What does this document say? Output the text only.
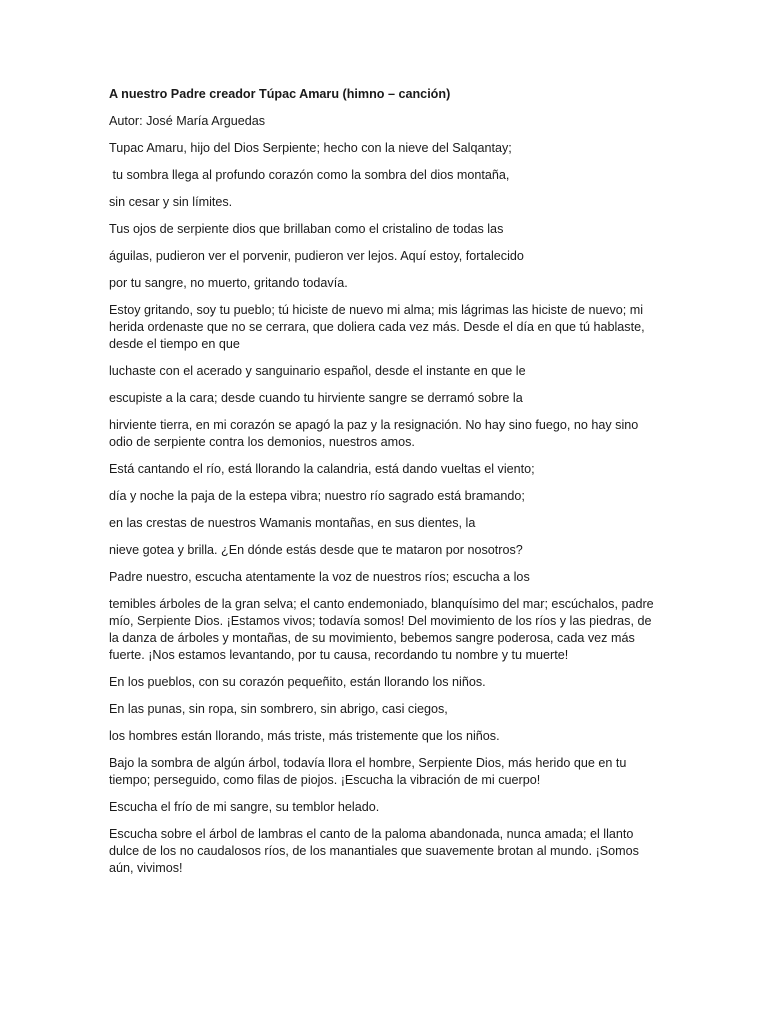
A nuestro Padre creador Túpac Amaru (himno – canción)

Autor: José María Arguedas

Tupac Amaru, hijo del Dios Serpiente; hecho con la nieve del Salqantay;

tu sombra llega al profundo corazón como la sombra del dios montaña,

sin cesar y sin límites.

Tus ojos de serpiente dios que brillaban como el cristalino de todas las

águilas, pudieron ver el porvenir, pudieron ver lejos. Aquí estoy, fortalecido

por tu sangre, no muerto, gritando todavía.

Estoy gritando, soy tu pueblo; tú hiciste de nuevo mi alma; mis lágrimas las hiciste de nuevo; mi herida ordenaste que no se cerrara, que doliera cada vez más. Desde el día en que tú hablaste, desde el tiempo en que

luchaste con el acerado y sanguinario español, desde el instante en que le

escupiste a la cara; desde cuando tu hirviente sangre se derramó sobre la

hirviente tierra, en mi corazón se apagó la paz y la resignación. No hay sino fuego, no hay sino odio de serpiente contra los demonios, nuestros amos.

Está cantando el río, está llorando la calandria, está dando vueltas el viento;

día y noche la paja de la estepa vibra; nuestro río sagrado está bramando;

en las crestas de nuestros Wamanis montañas, en sus dientes, la

nieve gotea y brilla. ¿En dónde estás desde que te mataron por nosotros?

Padre nuestro, escucha atentamente la voz de nuestros ríos; escucha a los

temibles árboles de la gran selva; el canto endemoniado, blanquísimo del mar; escúchalos, padre mío, Serpiente Dios. ¡Estamos vivos; todavía somos! Del movimiento de los ríos y las piedras, de la danza de árboles y montañas, de su movimiento, bebemos sangre poderosa, cada vez más fuerte. ¡Nos estamos levantando, por tu causa, recordando tu nombre y tu muerte!

En los pueblos, con su corazón pequeñito, están llorando los niños.

En las punas, sin ropa, sin sombrero, sin abrigo, casi ciegos,

los hombres están llorando, más triste, más tristemente que los niños.

Bajo la sombra de algún árbol, todavía llora el hombre, Serpiente Dios, más herido que en tu tiempo; perseguido, como filas de piojos. ¡Escucha la vibración de mi cuerpo!

Escucha el frío de mi sangre, su temblor helado.

Escucha sobre el árbol de lambras el canto de la paloma abandonada, nunca amada; el llanto dulce de los no caudalosos ríos, de los manantiales que suavemente brotan al mundo. ¡Somos aún, vivimos!
